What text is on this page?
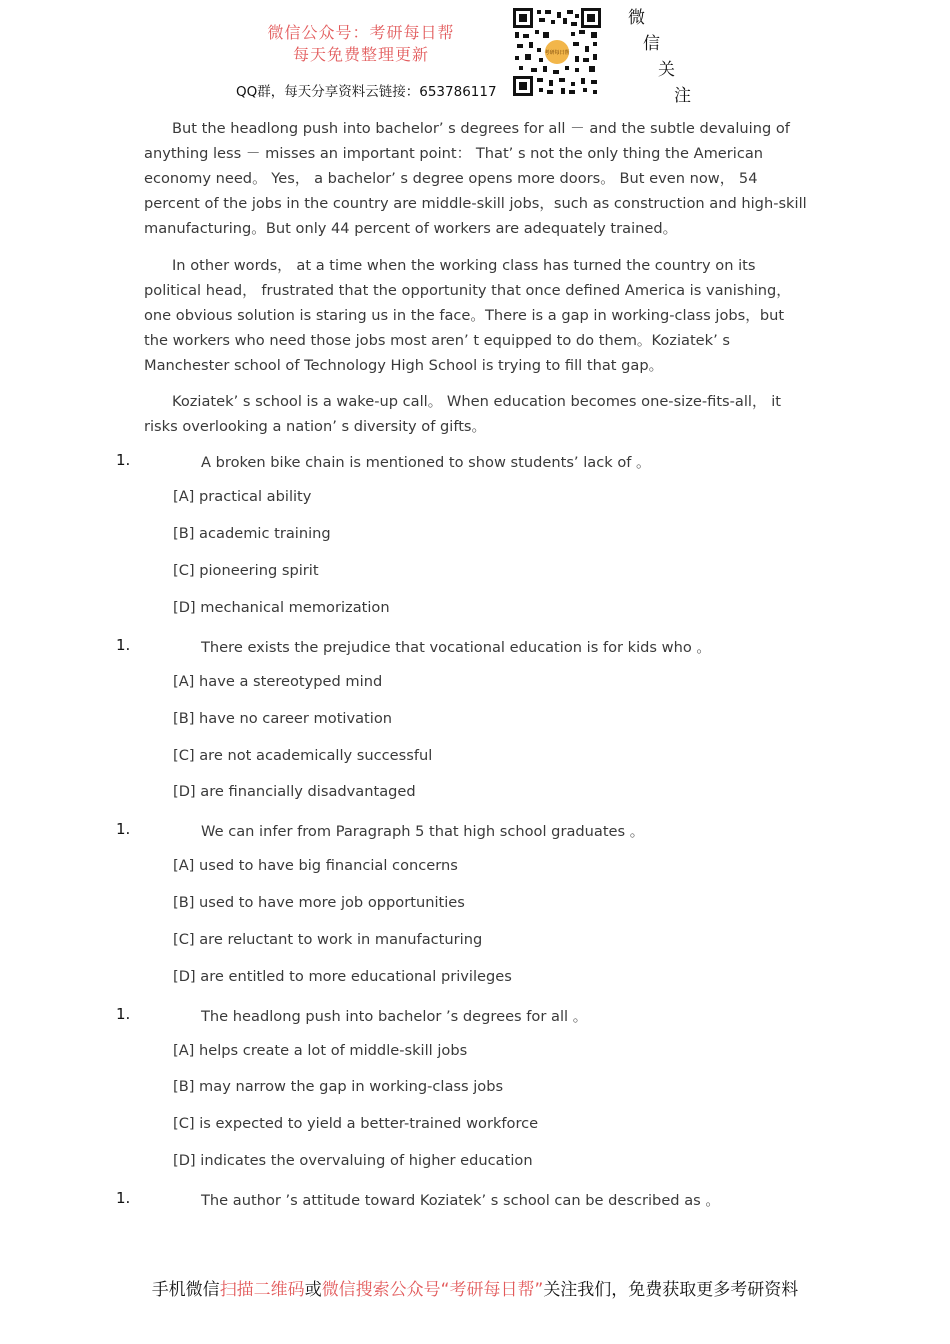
微信公众号：考研每日帮
每天免费整理更新
QQ群，每天分享资料云链接：653786117
考研每日帮
微
信
关
注

But the headlong push into bachelor’ s degrees for all － and the subtle devaluing of anything less － misses an important point： That’ s not the only thing the American economy need。 Yes， a bachelor’ s degree opens more doors。 But even now， 54 percent of the jobs in the country are middle-skill jobs，such as construction and high-skill manufacturing。But only 44 percent of workers are adequately trained。

In other words， at a time when the working class has turned the country on its political head， frustrated that the opportunity that once defined America is vanishing， one obvious solution is staring us in the face。There is a gap in working-class jobs，but the workers who need those jobs most aren’ t equipped to do them。Koziatek’ s Manchester school of Technology High School is trying to fill that gap。

Koziatek’ s school is a wake-up call。 When education becomes one-size-fits-all， it risks overlooking a nation’ s diversity of gifts。

1.	A broken bike chain is mentioned to show students’ lack of 。
[A] practical ability
[B] academic training
[C] pioneering spirit
[D] mechanical memorization
1.	There exists the prejudice that vocational education is for kids who 。
[A] have a stereotyped mind
[B] have no career motivation
[C] are not academically successful
[D] are financially disadvantaged
1.	We can infer from Paragraph 5 that high school graduates 。
[A] used to have big financial concerns
[B] used to have more job opportunities
[C] are reluctant to work in manufacturing
[D] are entitled to more educational privileges
1.	The headlong push into bachelor ’s degrees for all 。
[A] helps create a lot of middle-skill jobs
[B] may narrow the gap in working-class jobs
[C] is expected to yield a better-trained workforce
[D] indicates the overvaluing of higher education
1.	The author ’s attitude toward Koziatek’ s school can be described as 。
手机微信扫描二维码或微信搜索公众号“考研每日帮”关注我们，免费获取更多考研资料
